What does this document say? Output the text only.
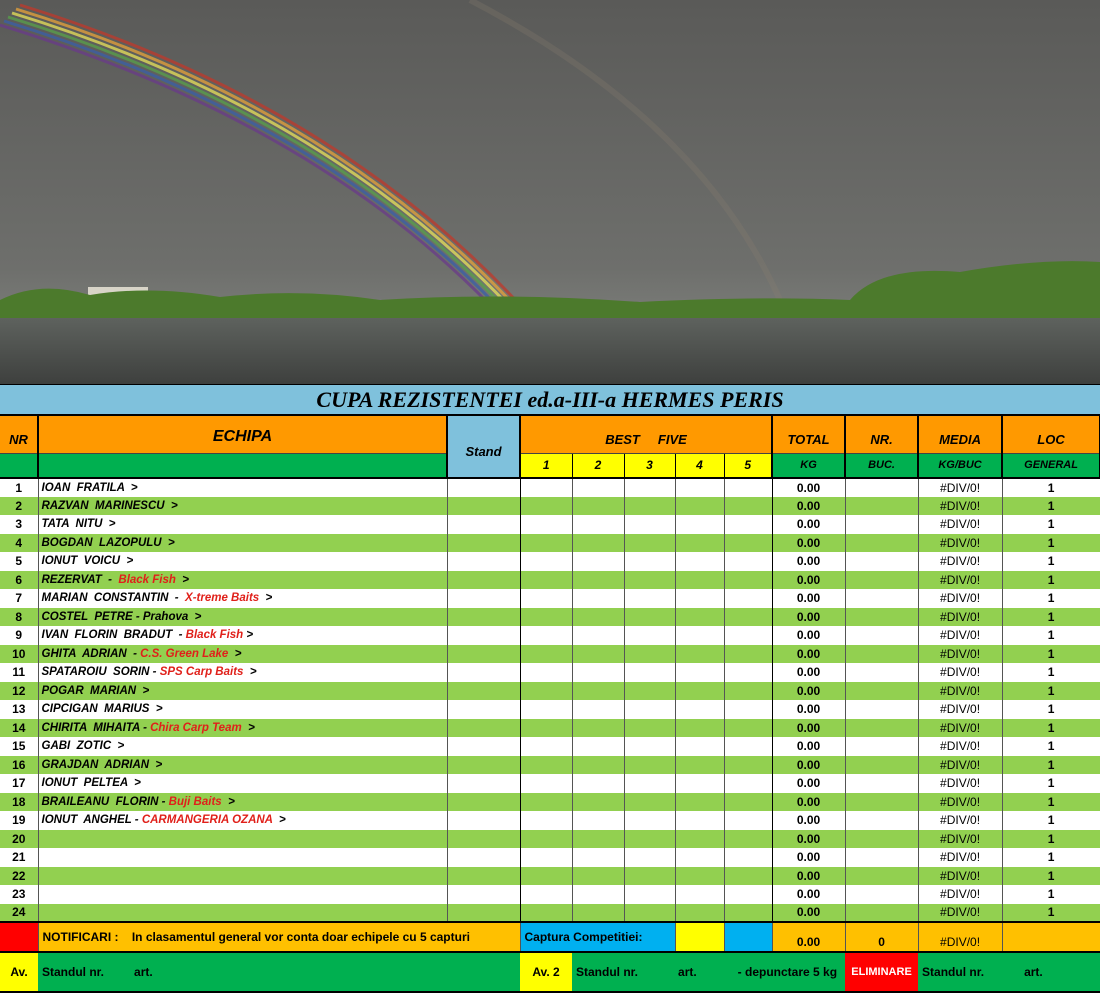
CUPA REZISTENTEI ed.a-III-a HERMES PERIS
NR	ECHIPA	Stand	BEST     FIVE					TOTAL	NR.	MEDIA	LOC
			1	2	3	4	5	KG	BUC.	KG/BUC	GENERAL
1	IOAN  FRATILA  >							0.00		#DIV/0!	1
2	RAZVAN  MARINESCU  >							0.00		#DIV/0!	1
3	TATA  NITU  >							0.00		#DIV/0!	1
4	BOGDAN  LAZOPULU  >							0.00		#DIV/0!	1
5	IONUT  VOICU  >							0.00		#DIV/0!	1
6	REZERVAT  -  Black Fish  >							0.00		#DIV/0!	1
7	MARIAN  CONSTANTIN  -  X-treme Baits  >							0.00		#DIV/0!	1
8	COSTEL  PETRE - Prahova  >							0.00		#DIV/0!	1
9	IVAN  FLORIN  BRADUT  - Black Fish >							0.00		#DIV/0!	1
10	GHITA  ADRIAN  - C.S. Green Lake  >							0.00		#DIV/0!	1
11	SPATAROIU  SORIN - SPS Carp Baits  >							0.00		#DIV/0!	1
12	POGAR  MARIAN  >							0.00		#DIV/0!	1
13	CIPCIGAN  MARIUS  >							0.00		#DIV/0!	1
14	CHIRITA  MIHAITA - Chira Carp Team  >							0.00		#DIV/0!	1
15	GABI  ZOTIC  >							0.00		#DIV/0!	1
16	GRAJDAN  ADRIAN  >							0.00		#DIV/0!	1
17	IONUT  PELTEA  >							0.00		#DIV/0!	1
18	BRAILEANU  FLORIN - Buji Baits  >							0.00		#DIV/0!	1
19	IONUT  ANGHEL - CARMANGERIA OZANA  >							0.00		#DIV/0!	1
20								0.00		#DIV/0!	1
21								0.00		#DIV/0!	1
22								0.00		#DIV/0!	1
23								0.00		#DIV/0!	1
24								0.00		#DIV/0!	1
	NOTIFICARI : In clasamentul general vor conta doar echipele cu 5 capturi		Captura Competitiei:					0.00	0	#DIV/0!	
Av.	Standul nr. art.		Av. 2	Standul nr. art.			- depunctare 5 kg		ELIMINARE	Standul nr. art.	
